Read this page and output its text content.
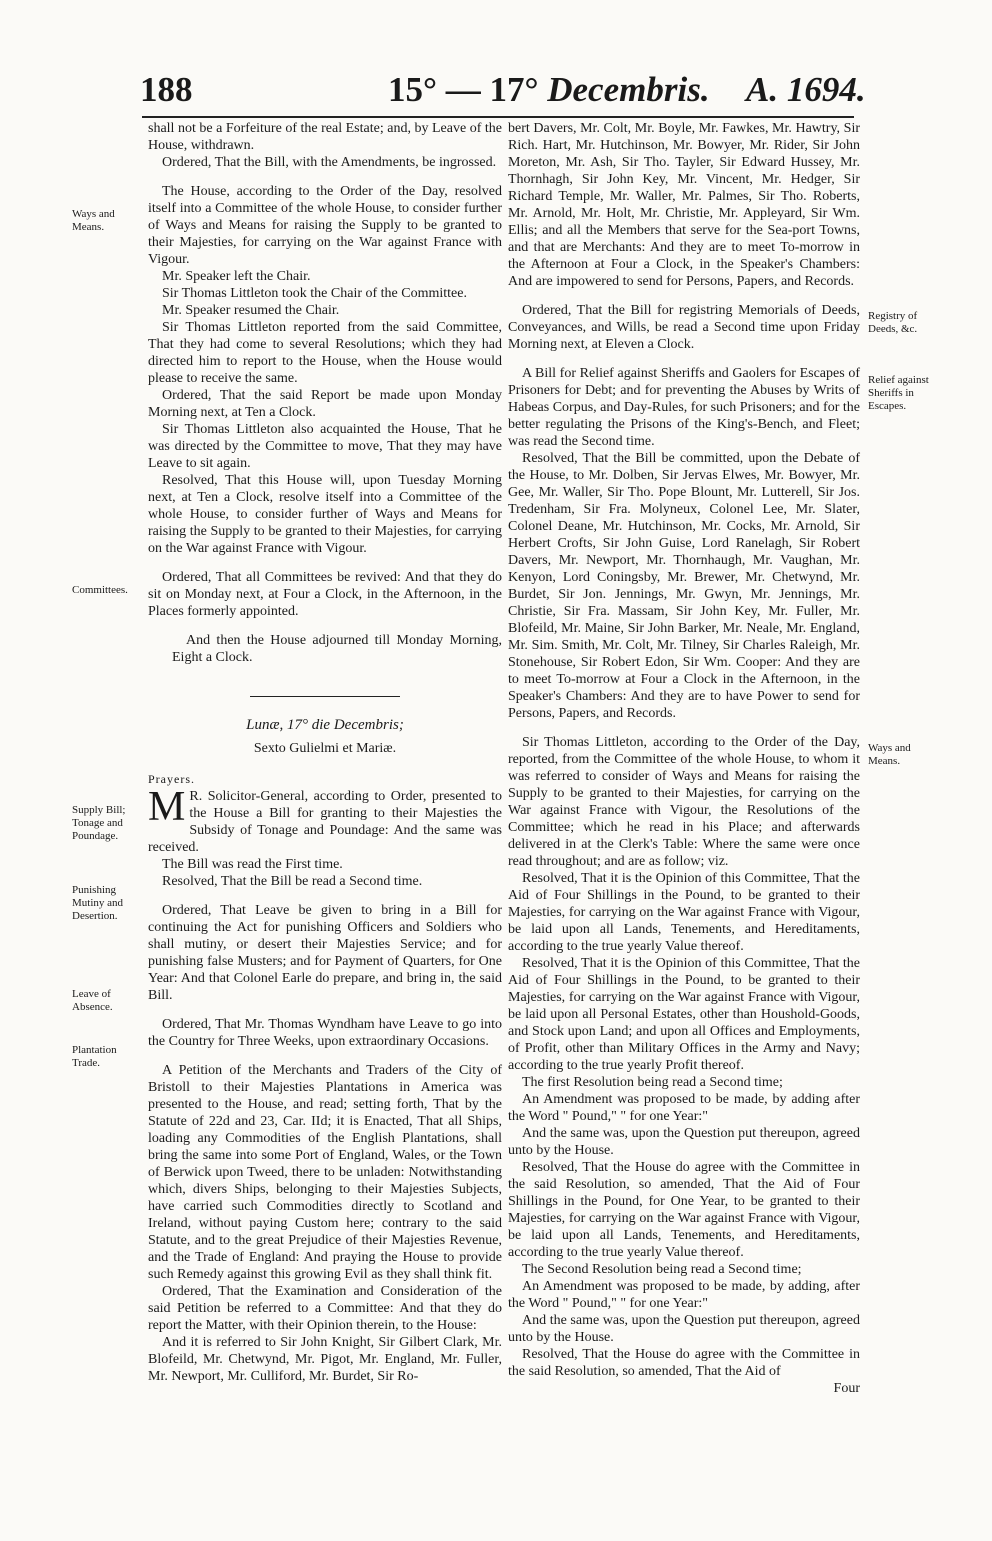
188	15° — 17° Decembris. A. 1694.
Ways and Means.
Committees.
Supply Bill; Tonage and Poundage.
Punishing Mutiny and Desertion.
Leave of Absence.
Plantation Trade.
Registry of Deeds, &c.
Relief against Sheriffs in Escapes.
Ways and Means.

shall not be a Forfeiture of the real Estate; and, by Leave of the House, withdrawn.

Ordered, That the Bill, with the Amendments, be ingrossed.

The House, according to the Order of the Day, resolved itself into a Committee of the whole House, to consider further of Ways and Means for raising the Supply to be granted to their Majesties, for carrying on the War against France with Vigour.

Mr. Speaker left the Chair.

Sir Thomas Littleton took the Chair of the Committee.

Mr. Speaker resumed the Chair.

Sir Thomas Littleton reported from the said Committee, That they had come to several Resolutions; which they had directed him to report to the House, when the House would please to receive the same.

Ordered, That the said Report be made upon Monday Morning next, at Ten a Clock.

Sir Thomas Littleton also acquainted the House, That he was directed by the Committee to move, That they may have Leave to sit again.

Resolved, That this House will, upon Tuesday Morning next, at Ten a Clock, resolve itself into a Committee of the whole House, to consider further of Ways and Means for raising the Supply to be granted to their Majesties, for carrying on the War against France with Vigour.

Ordered, That all Committees be revived: And that they do sit on Monday next, at Four a Clock, in the Afternoon, in the Places formerly appointed.

And then the House adjourned till Monday Morning, Eight a Clock.

Lunæ, 17° die Decembris;

Sexto Gulielmi et Mariæ.

Prayers.

M R. Solicitor-General, according to Order, presented to the House a Bill for granting to their Majesties the Subsidy of Tonage and Poundage: And the same was received.

The Bill was read the First time.

Resolved, That the Bill be read a Second time.

Ordered, That Leave be given to bring in a Bill for continuing the Act for punishing Officers and Soldiers who shall mutiny, or desert their Majesties Service; and for punishing false Musters; and for Payment of Quarters, for One Year: And that Colonel Earle do prepare, and bring in, the said Bill.

Ordered, That Mr. Thomas Wyndham have Leave to go into the Country for Three Weeks, upon extraordinary Occasions.

A Petition of the Merchants and Traders of the City of Bristoll to their Majesties Plantations in America was presented to the House, and read; setting forth, That by the Statute of 22d and 23, Car. IId; it is Enacted, That all Ships, loading any Commodities of the English Plantations, shall bring the same into some Port of England, Wales, or the Town of Berwick upon Tweed, there to be unladen: Notwithstanding which, divers Ships, belonging to their Majesties Subjects, have carried such Commodities directly to Scotland and Ireland, without paying Custom here; contrary to the said Statute, and to the great Prejudice of their Majesties Revenue, and the Trade of England: And praying the House to provide such Remedy against this growing Evil as they shall think fit.

Ordered, That the Examination and Consideration of the said Petition be referred to a Committee: And that they do report the Matter, with their Opinion therein, to the House:

And it is referred to Sir John Knight, Sir Gilbert Clark, Mr. Blofeild, Mr. Chetwynd, Mr. Pigot, Mr. England, Mr. Fuller, Mr. Newport, Mr. Culliford, Mr. Burdet, Sir Ro-

bert Davers, Mr. Colt, Mr. Boyle, Mr. Fawkes, Mr. Hawtry, Sir Rich. Hart, Mr. Hutchinson, Mr. Bowyer, Mr. Rider, Sir John Moreton, Mr. Ash, Sir Tho. Tayler, Sir Edward Hussey, Mr. Thornhagh, Sir John Key, Mr. Vincent, Mr. Hedger, Sir Richard Temple, Mr. Waller, Mr. Palmes, Sir Tho. Roberts, Mr. Arnold, Mr. Holt, Mr. Christie, Mr. Appleyard, Sir Wm. Ellis; and all the Members that serve for the Sea-port Towns, and that are Merchants: And they are to meet To-morrow in the Afternoon at Four a Clock, in the Speaker's Chambers: And are impowered to send for Persons, Papers, and Records.

Ordered, That the Bill for registring Memorials of Deeds, Conveyances, and Wills, be read a Second time upon Friday Morning next, at Eleven a Clock.

A Bill for Relief against Sheriffs and Gaolers for Escapes of Prisoners for Debt; and for preventing the Abuses by Writs of Habeas Corpus, and Day-Rules, for such Prisoners; and for the better regulating the Prisons of the King's-Bench, and Fleet; was read the Second time.

Resolved, That the Bill be committed, upon the Debate of the House, to Mr. Dolben, Sir Jervas Elwes, Mr. Bowyer, Mr. Gee, Mr. Waller, Sir Tho. Pope Blount, Mr. Lutterell, Sir Jos. Tredenham, Sir Fra. Molyneux, Colonel Lee, Mr. Slater, Colonel Deane, Mr. Hutchinson, Mr. Cocks, Mr. Arnold, Sir Herbert Crofts, Sir John Guise, Lord Ranelagh, Sir Robert Davers, Mr. Newport, Mr. Thornhaugh, Mr. Vaughan, Mr. Kenyon, Lord Coningsby, Mr. Brewer, Mr. Chetwynd, Mr. Burdet, Sir Jon. Jennings, Mr. Gwyn, Mr. Jennings, Mr. Christie, Sir Fra. Massam, Sir John Key, Mr. Fuller, Mr. Blofeild, Mr. Maine, Sir John Barker, Mr. Neale, Mr. England, Mr. Sim. Smith, Mr. Colt, Mr. Tilney, Sir Charles Raleigh, Mr. Stonehouse, Sir Robert Edon, Sir Wm. Cooper: And they are to meet To-morrow at Four a Clock in the Afternoon, in the Speaker's Chambers: And they are to have Power to send for Persons, Papers, and Records.

Sir Thomas Littleton, according to the Order of the Day, reported, from the Committee of the whole House, to whom it was referred to consider of Ways and Means for raising the Supply to be granted to their Majesties, for carrying on the War against France with Vigour, the Resolutions of the Committee; which he read in his Place; and afterwards delivered in at the Clerk's Table: Where the same were once read throughout; and are as follow; viz.

Resolved, That it is the Opinion of this Committee, That the Aid of Four Shillings in the Pound, to be granted to their Majesties, for carrying on the War against France with Vigour, be laid upon all Lands, Tenements, and Hereditaments, according to the true yearly Value thereof.

Resolved, That it is the Opinion of this Committee, That the Aid of Four Shillings in the Pound, to be granted to their Majesties, for carrying on the War against France with Vigour, be laid upon all Personal Estates, other than Houshold-Goods, and Stock upon Land; and upon all Offices and Employments, of Profit, other than Military Offices in the Army and Navy; according to the true yearly Profit thereof.

The first Resolution being read a Second time;

An Amendment was proposed to be made, by adding after the Word " Pound," " for one Year:"

And the same was, upon the Question put thereupon, agreed unto by the House.

Resolved, That the House do agree with the Committee in the said Resolution, so amended, That the Aid of Four Shillings in the Pound, for One Year, to be granted to their Majesties, for carrying on the War against France with Vigour, be laid upon all Lands, Tenements, and Hereditaments, according to the true yearly Value thereof.

The Second Resolution being read a Second time;

An Amendment was proposed to be made, by adding, after the Word " Pound," " for one Year:"

And the same was, upon the Question put thereupon, agreed unto by the House.

Resolved, That the House do agree with the Committee in the said Resolution, so amended, That the Aid of

Four
